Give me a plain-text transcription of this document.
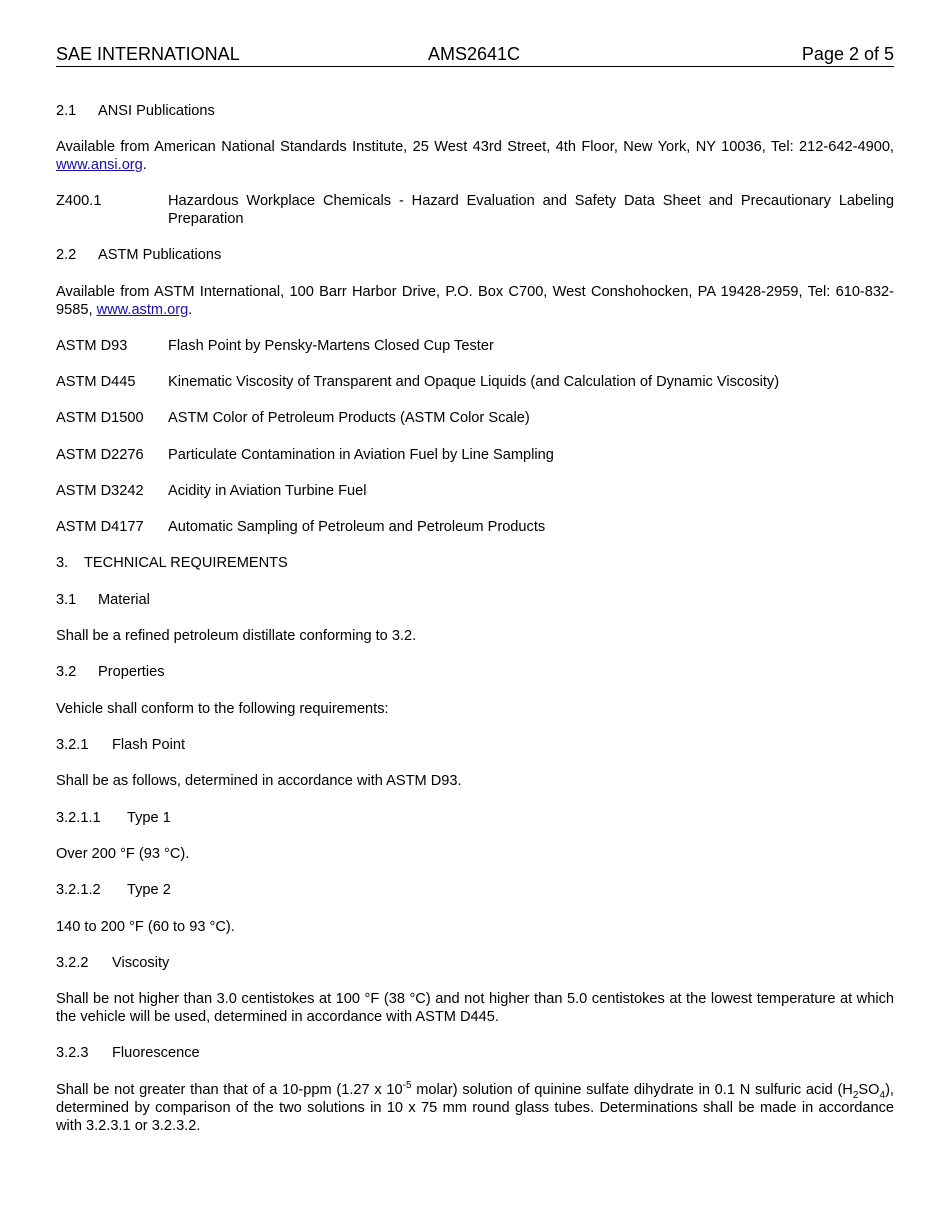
SAE INTERNATIONAL	AMS2641C	Page 2 of 5
2.1 ANSI Publications
Available from American National Standards Institute, 25 West 43rd Street, 4th Floor, New York, NY 10036, Tel: 212-642-4900, www.ansi.org.
Z400.1	Hazardous Workplace Chemicals - Hazard Evaluation and Safety Data Sheet and Precautionary Labeling Preparation
2.2 ASTM Publications
Available from ASTM International, 100 Barr Harbor Drive, P.O. Box C700, West Conshohocken, PA 19428-2959, Tel: 610-832-9585, www.astm.org.
ASTM D93	Flash Point by Pensky-Martens Closed Cup Tester
ASTM D445	Kinematic Viscosity of Transparent and Opaque Liquids (and Calculation of Dynamic Viscosity)
ASTM D1500	ASTM Color of Petroleum Products (ASTM Color Scale)
ASTM D2276	Particulate Contamination in Aviation Fuel by Line Sampling
ASTM D3242	Acidity in Aviation Turbine Fuel
ASTM D4177	Automatic Sampling of Petroleum and Petroleum Products
3. TECHNICAL REQUIREMENTS
3.1 Material
Shall be a refined petroleum distillate conforming to 3.2.
3.2 Properties
Vehicle shall conform to the following requirements:
3.2.1 Flash Point
Shall be as follows, determined in accordance with ASTM D93.
3.2.1.1 Type 1
Over 200 °F (93 °C).
3.2.1.2 Type 2
140 to 200 °F (60 to 93 °C).
3.2.2 Viscosity
Shall be not higher than 3.0 centistokes at 100 °F (38 °C) and not higher than 5.0 centistokes at the lowest temperature at which the vehicle will be used, determined in accordance with ASTM D445.
3.2.3 Fluorescence
Shall be not greater than that of a 10-ppm (1.27 x $10^{-5}$ molar) solution of quinine sulfate dihydrate in 0.1 N sulfuric acid $(H_2SO_4)$, determined by comparison of the two solutions in 10 x 75 mm round glass tubes. Determinations shall be made in accordance with 3.2.3.1 or 3.2.3.2.
